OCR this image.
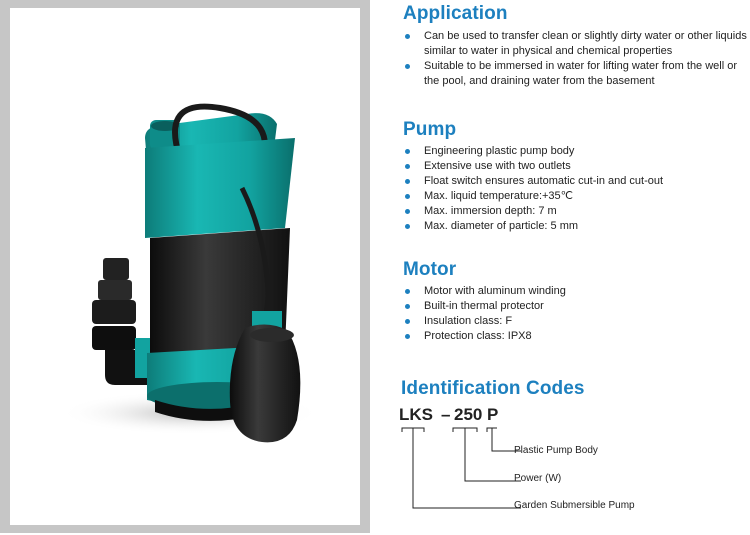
Application
Can be used to transfer clean or slightly dirty water or other liquids similar to water in physical and chemical properties
Suitable to be immersed in water for lifting water from the well or the pool, and draining water from the basement
Pump
Engineering plastic pump body
Extensive use with two outlets
Float switch ensures automatic cut-in and cut-out
Max. liquid temperature:+35℃
Max. immersion depth: 7 m
Max. diameter of particle: 5 mm
Motor
Motor with aluminum winding
Built-in thermal protector
Insulation class: F
Protection class: IPX8
Identification Codes
LKS – 250 P
Plastic Pump Body
Power (W)
Garden Submersible Pump
